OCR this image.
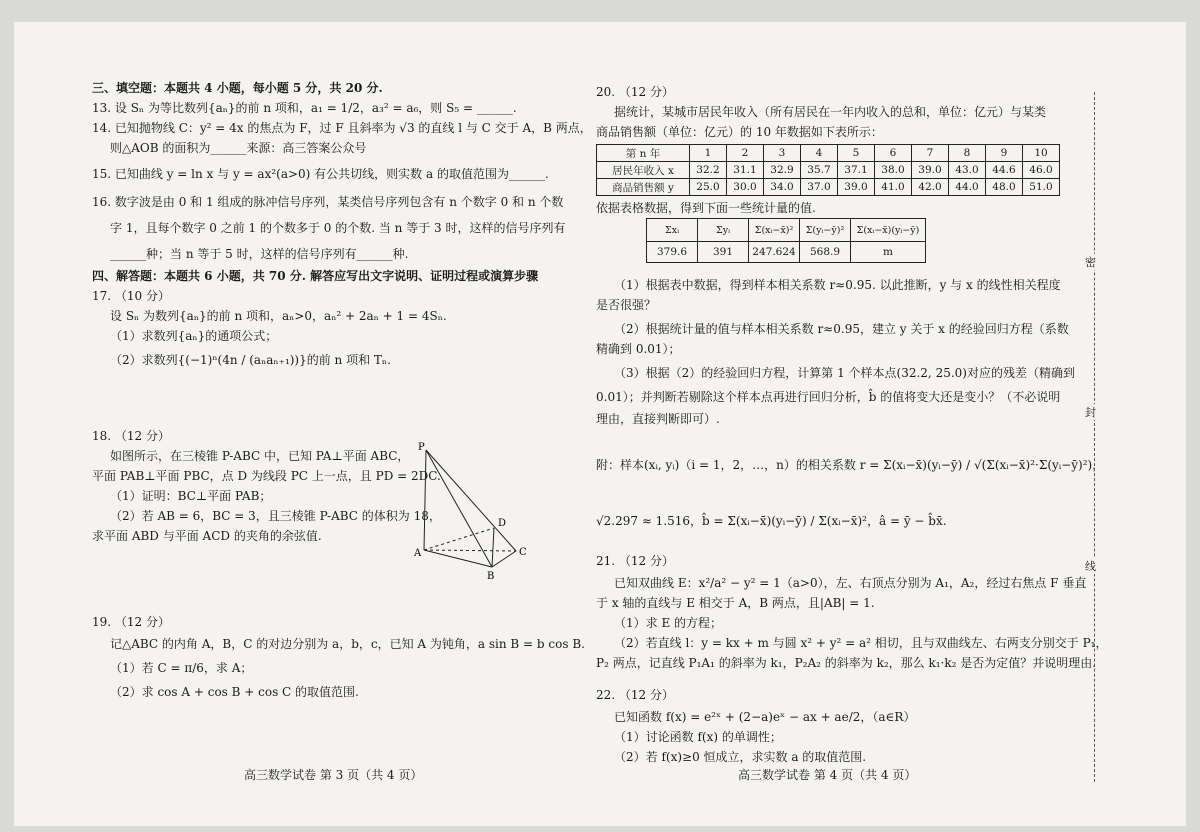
三、填空题：本题共 4 小题，每小题 5 分，共 20 分.
13. 设 Sₙ 为等比数列{aₙ}的前 n 项和，a₁ = 1/2，a₃² = a₆，则 S₅ = ______.
14. 已知抛物线 C：y² = 4x 的焦点为 F，过 F 且斜率为 √3 的直线 l 与 C 交于 A，B 两点，
则△AOB 的面积为______来源：高三答案公众号
15. 已知曲线 y = ln x 与 y = ax²(a>0) 有公共切线，则实数 a 的取值范围为______.
16. 数字波是由 0 和 1 组成的脉冲信号序列，某类信号序列包含有 n 个数字 0 和 n 个数
字 1，且每个数字 0 之前 1 的个数多于 0 的个数. 当 n 等于 3 时，这样的信号序列有
______种；当 n 等于 5 时，这样的信号序列有______种.
四、解答题：本题共 6 小题，共 70 分. 解答应写出文字说明、证明过程或演算步骤
17. （10 分）
设 Sₙ 为数列{aₙ}的前 n 项和，aₙ>0，aₙ² + 2aₙ + 1 = 4Sₙ.
（1）求数列{aₙ}的通项公式；
（2）求数列{(−1)ⁿ(4n / (aₙaₙ₊₁))}的前 n 项和 Tₙ.
18. （12 分）
如图所示，在三棱锥 P-ABC 中，已知 PA⊥平面 ABC，
平面 PAB⊥平面 PBC，点 D 为线段 PC 上一点，且 PD = 2DC.
（1）证明：BC⊥平面 PAB；
（2）若 AB = 6，BC = 3，且三棱锥 P-ABC 的体积为 18，
求平面 ABD 与平面 ACD 的夹角的余弦值.
P
D
A	C
B
19. （12 分）
记△ABC 的内角 A，B，C 的对边分别为 a，b，c，已知 A 为钝角，a sin B = b cos B.
（1）若 C = π/6，求 A；
（2）求 cos A + cos B + cos C 的取值范围.
高三数学试卷 第 3 页（共 4 页）
20. （12 分）
据统计，某城市居民年收入（所有居民在一年内收入的总和，单位：亿元）与某类
商品销售额（单位：亿元）的 10 年数据如下表所示：
第 n 年	1	2	3	4	5	6	7	8	9	10
居民年收入 x	32.2	31.1	32.9	35.7	37.1	38.0	39.0	43.0	44.6	46.0
商品销售额 y	25.0	30.0	34.0	37.0	39.0	41.0	42.0	44.0	48.0	51.0
依据表格数据，得到下面一些统计量的值.
Σxᵢ	Σyᵢ	Σ(xᵢ−x̄)²	Σ(yᵢ−ȳ)²	Σ(xᵢ−x̄)(yᵢ−ȳ)
379.6	391	247.624	568.9	m
（1）根据表中数据，得到样本相关系数 r≈0.95. 以此推断，y 与 x 的线性相关程度
是否很强？
（2）根据统计量的值与样本相关系数 r≈0.95，建立 y 关于 x 的经验回归方程（系数
精确到 0.01）；
（3）根据（2）的经验回归方程，计算第 1 个样本点(32.2, 25.0)对应的残差（精确到
0.01）；并判断若剔除这个样本点再进行回归分析，b̂ 的值将变大还是变小？（不必说明
理由，直接判断即可）.
附：样本(xᵢ, yᵢ)（i = 1，2，…，n）的相关系数 r = Σ(xᵢ−x̄)(yᵢ−ȳ) / √(Σ(xᵢ−x̄)²·Σ(yᵢ−ȳ)²)，
√2.297 ≈ 1.516，b̂ = Σ(xᵢ−x̄)(yᵢ−ȳ) / Σ(xᵢ−x̄)²，â = ȳ − b̂x̄.
21. （12 分）
已知双曲线 E：x²/a² − y² = 1（a>0），左、右顶点分别为 A₁，A₂，经过右焦点 F 垂直
于 x 轴的直线与 E 相交于 A，B 两点，且|AB| = 1.
（1）求 E 的方程；
（2）若直线 l：y = kx + m 与圆 x² + y² = a² 相切，且与双曲线左、右两支分别交于 P₁，
P₂ 两点，记直线 P₁A₁ 的斜率为 k₁，P₂A₂ 的斜率为 k₂，那么 k₁·k₂ 是否为定值？并说明理由.
22. （12 分）
已知函数 f(x) = e²ˣ + (2−a)eˣ − ax + ae/2，（a∈R）
（1）讨论函数 f(x) 的单调性；
（2）若 f(x)≥0 恒成立，求实数 a 的取值范围.
高三数学试卷 第 4 页（共 4 页）
密
封
线
